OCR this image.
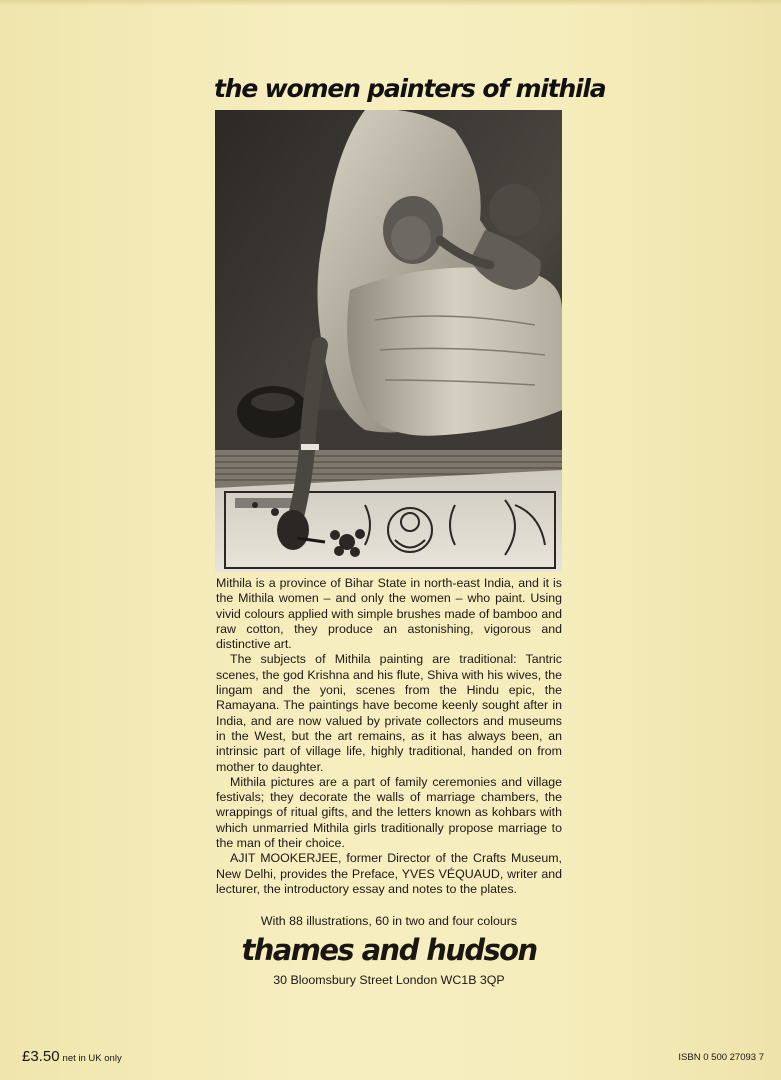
the women painters of mithila

Mithila is a province of Bihar State in north-east India, and it is the Mithila women – and only the women – who paint. Using vivid colours applied with simple brushes made of bamboo and raw cotton, they produce an astonishing, vigorous and distinctive art.

The subjects of Mithila painting are traditional: Tantric scenes, the god Krishna and his flute, Shiva with his wives, the lingam and the yoni, scenes from the Hindu epic, the Ramayana. The paintings have become keenly sought after in India, and are now valued by private collectors and museums in the West, but the art remains, as it has always been, an intrinsic part of village life, highly traditional, handed on from mother to daughter.

Mithila pictures are a part of family ceremonies and village festivals; they decorate the walls of marriage chambers, the wrappings of ritual gifts, and the letters known as kohbars with which unmarried Mithila girls traditionally propose marriage to the man of their choice.

AJIT MOOKERJEE, former Director of the Crafts Museum, New Delhi, provides the Preface, YVES VÉQUAUD, writer and lecturer, the introductory essay and notes to the plates.

With 88 illustrations, 60 in two and four colours
thames and hudson
30 Bloomsbury Street London WC1B 3QP
£3.50 net in UK only	ISBN 0 500 27093 7
